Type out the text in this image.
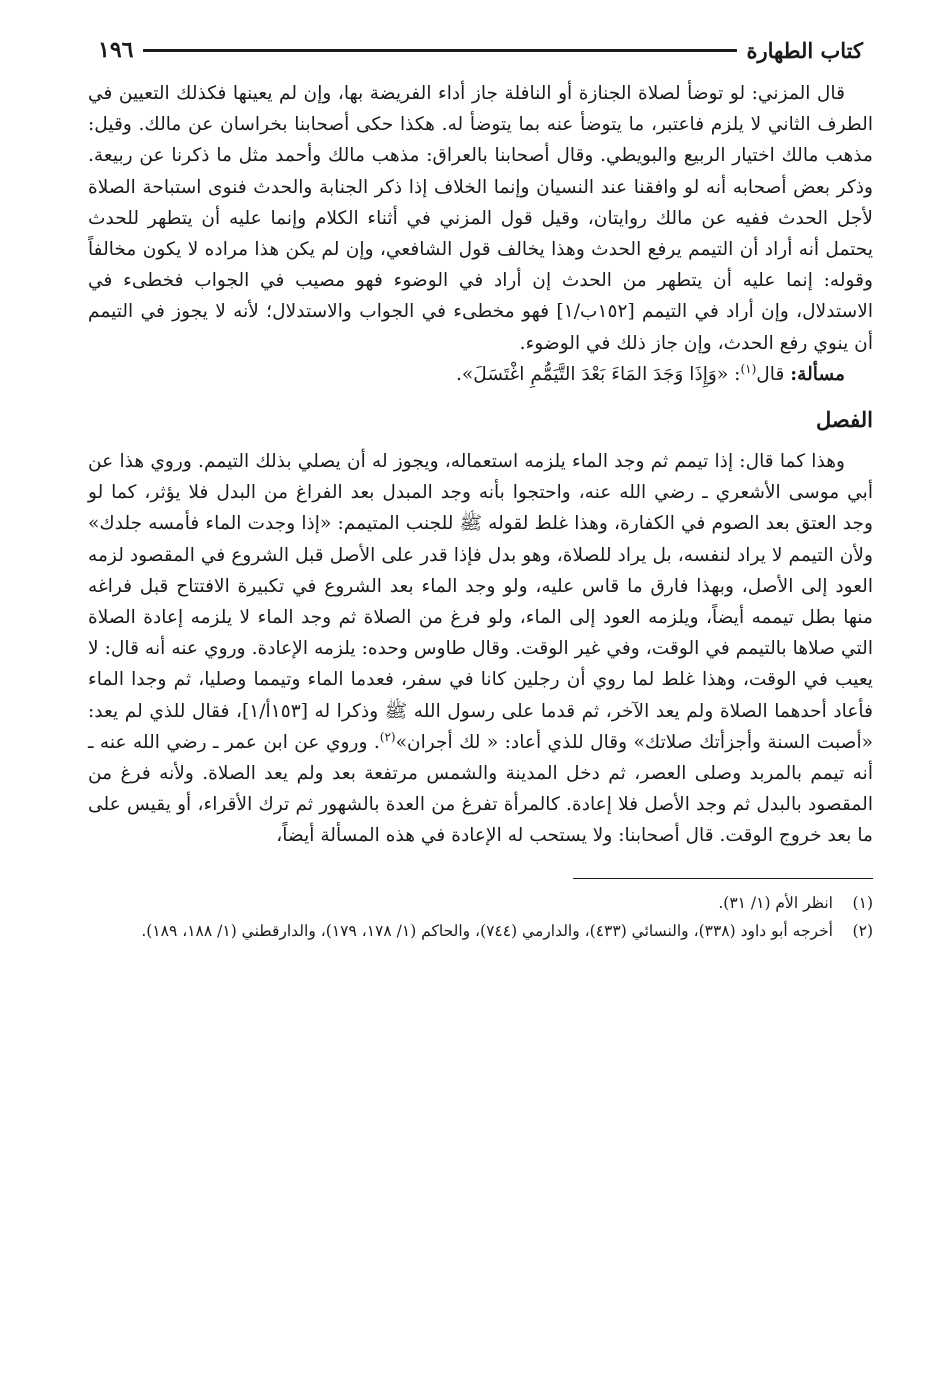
كتاب الطهارة
١٩٦

قال المزني: لو توضأ لصلاة الجنازة أو النافلة جاز أداء الفريضة بها، وإن لم يعينها فكذلك التعيين في الطرف الثاني لا يلزم فاعتبر، ما يتوضأ عنه بما يتوضأ له. هكذا حكى أصحابنا بخراسان عن مالك. وقيل: مذهب مالك اختيار الربيع والبويطي. وقال أصحابنا بالعراق: مذهب مالك وأحمد مثل ما ذكرنا عن ربيعة. وذكر بعض أصحابه أنه لو وافقنا عند النسيان وإنما الخلاف إذا ذكر الجنابة والحدث فنوى استباحة الصلاة لأجل الحدث ففيه عن مالك روايتان، وقيل قول المزني في أثناء الكلام وإنما عليه أن يتطهر للحدث يحتمل أنه أراد أن التيمم يرفع الحدث وهذا يخالف قول الشافعي، وإن لم يكن هذا مراده لا يكون مخالفاً وقوله: إنما عليه أن يتطهر من الحدث إن أراد في الوضوء فهو مصيب في الجواب فخطىء في الاستدلال، وإن أراد في التيمم [١٥٢ب/١] فهو مخطىء في الجواب والاستدلال؛ لأنه لا يجوز في التيمم أن ينوي رفع الحدث، وإن جاز ذلك في الوضوء.

مسألة: قال$^{(١)}$: «وَإِذَا وَجَدَ المَاءَ بَعْدَ التَّيَمُّمِ اغْتَسَلَ».

الفصل

وهذا كما قال: إذا تيمم ثم وجد الماء يلزمه استعماله، ويجوز له أن يصلي بذلك التيمم. وروي هذا عن أبي موسى الأشعري ـ رضي الله عنه، واحتجوا بأنه وجد المبدل بعد الفراغ من البدل فلا يؤثر، كما لو وجد العتق بعد الصوم في الكفارة، وهذا غلط لقوله ﷺ للجنب المتيمم: «إذا وجدت الماء فأمسه جلدك» ولأن التيمم لا يراد لنفسه، بل يراد للصلاة، وهو بدل فإذا قدر على الأصل قبل الشروع في المقصود لزمه العود إلى الأصل، وبهذا فارق ما قاس عليه، ولو وجد الماء بعد الشروع في تكبيرة الافتتاح قبل فراغه منها بطل تيممه أيضاً، ويلزمه العود إلى الماء، ولو فرغ من الصلاة ثم وجد الماء لا يلزمه إعادة الصلاة التي صلاها بالتيمم في الوقت، وفي غير الوقت. وقال طاوس وحده: يلزمه الإعادة. وروي عنه أنه قال: لا يعيب في الوقت، وهذا غلط لما روي أن رجلين كانا في سفر، فعدما الماء وتيمما وصليا، ثم وجدا الماء فأعاد أحدهما الصلاة ولم يعد الآخر، ثم قدما على رسول الله ﷺ وذكرا له [١٥٣أ/١]، فقال للذي لم يعد: «أصبت السنة وأجزأتك صلاتك» وقال للذي أعاد: « لك أجران»$^{(٢)}$. وروي عن ابن عمر ـ رضي الله عنه ـ أنه تيمم بالمربد وصلى العصر، ثم دخل المدينة والشمس مرتفعة بعد ولم يعد الصلاة. ولأنه فرغ من المقصود بالبدل ثم وجد الأصل فلا إعادة. كالمرأة تفرغ من العدة بالشهور ثم ترك الأقراء، أو يقيس على ما بعد خروج الوقت. قال أصحابنا: ولا يستحب له الإعادة في هذه المسألة أيضاً،

(١)
انظر الأم (١/ ٣١).
(٢)
أخرجه أبو داود (٣٣٨)، والنسائي (٤٣٣)، والدارمي (٧٤٤)، والحاكم (١/ ١٧٨، ١٧٩)، والدارقطني (١/ ١٨٨، ١٨٩).
